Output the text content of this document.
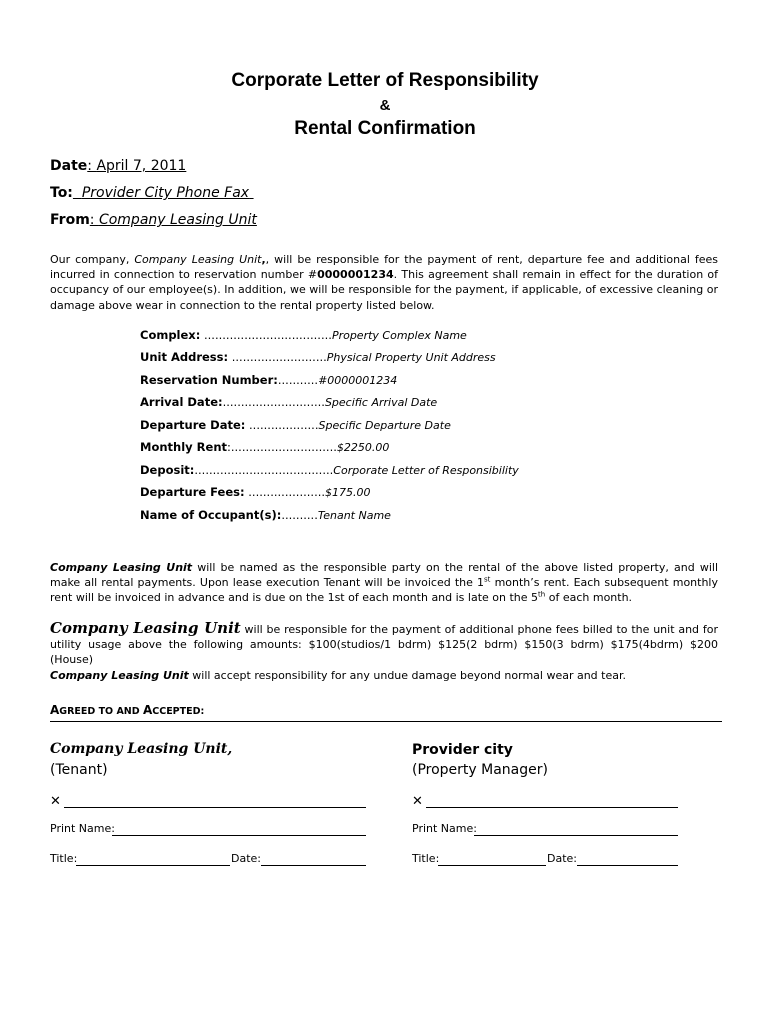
Corporate Letter of Responsibility
&
Rental Confirmation
Date: April 7, 2011
To: Provider City Phone Fax
From: Company Leasing Unit
Our company, Company Leasing Unit,, will be responsible for the payment of rent, departure fee and additional fees incurred in connection to reservation number #0000001234. This agreement shall remain in effect for the duration of occupancy of our employee(s). In addition, we will be responsible for the payment, if applicable, of excessive cleaning or damage above wear in connection to the rental property listed below.
Complex: ...................................Property Complex Name
Unit Address: ..........................Physical Property Unit Address
Reservation Number:...........#0000001234
Arrival Date:............................Specific Arrival Date
Departure Date: ...................Specific Departure Date
Monthly Rent:.............................$2250.00
Deposit:......................................Corporate Letter of Responsibility
Departure Fees: .....................$175.00
Name of Occupant(s):..........Tenant Name
Company Leasing Unit will be named as the responsible party on the rental of the above listed property, and will make all rental payments. Upon lease execution Tenant will be invoiced the 1st month’s rent. Each subsequent monthly rent will be invoiced in advance and is due on the 1st of each month and is late on the 5th of each month.
Company Leasing Unit will be responsible for the payment of additional phone fees billed to the unit and for utility usage above the following amounts: $100(studios/1 bdrm) $125(2 bdrm) $150(3 bdrm) $175(4bdrm) $200 (House)
Company Leasing Unit will accept responsibility for any undue damage beyond normal wear and tear.
AGREED TO AND ACCEPTED:
Company Leasing Unit,
(Tenant)
✕
Print Name:
Title:	Date:
Provider city
(Property Manager)
✕
Print Name:
Title:	Date:
